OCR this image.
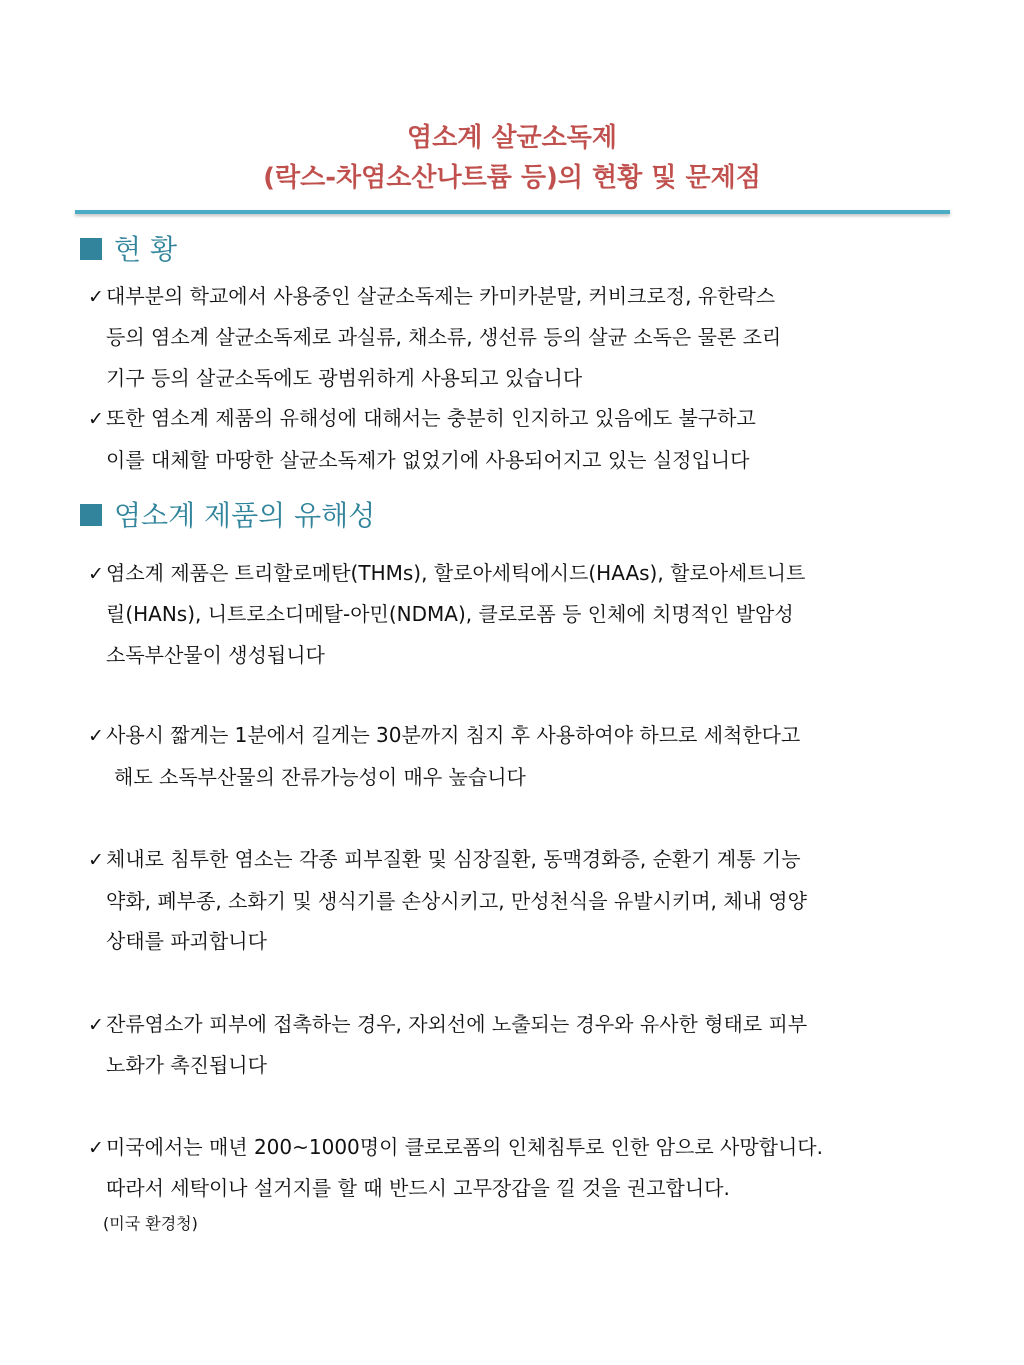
염소계 살균소독제
(락스-차염소산나트륨 등)의 현황 및 문제점
현 황
✓ 대부분의 학교에서 사용중인 살균소독제는 카미카분말, 커비크로정, 유한락스
등의 염소계 살균소독제로 과실류, 채소류, 생선류 등의 살균 소독은 물론 조리
기구 등의 살균소독에도 광범위하게 사용되고 있습니다
✓ 또한 염소계 제품의 유해성에 대해서는 충분히 인지하고 있음에도 불구하고
이를 대체할 마땅한 살균소독제가 없었기에 사용되어지고 있는 실정입니다
염소계 제품의 유해성
✓ 염소계 제품은 트리할로메탄(THMs), 할로아세틱에시드(HAAs), 할로아세트니트
릴(HANs), 니트로소디메탈-아민(NDMA), 클로로폼 등 인체에 치명적인 발암성
소독부산물이 생성됩니다
✓ 사용시 짧게는 1분에서 길게는 30분까지 침지 후 사용하여야 하므로 세척한다고
해도 소독부산물의 잔류가능성이 매우 높습니다
✓ 체내로 침투한 염소는 각종 피부질환 및 심장질환, 동맥경화증, 순환기 계통 기능
약화, 폐부종, 소화기 및 생식기를 손상시키고, 만성천식을 유발시키며, 체내 영양
상태를 파괴합니다
✓ 잔류염소가 피부에 접촉하는 경우, 자외선에 노출되는 경우와 유사한 형태로 피부
노화가 촉진됩니다
✓ 미국에서는 매년 200~1000명이 클로로폼의 인체침투로 인한 암으로 사망합니다.
따라서 세탁이나 설거지를 할 때 반드시 고무장갑을 낄 것을 권고합니다.
(미국 환경청)
